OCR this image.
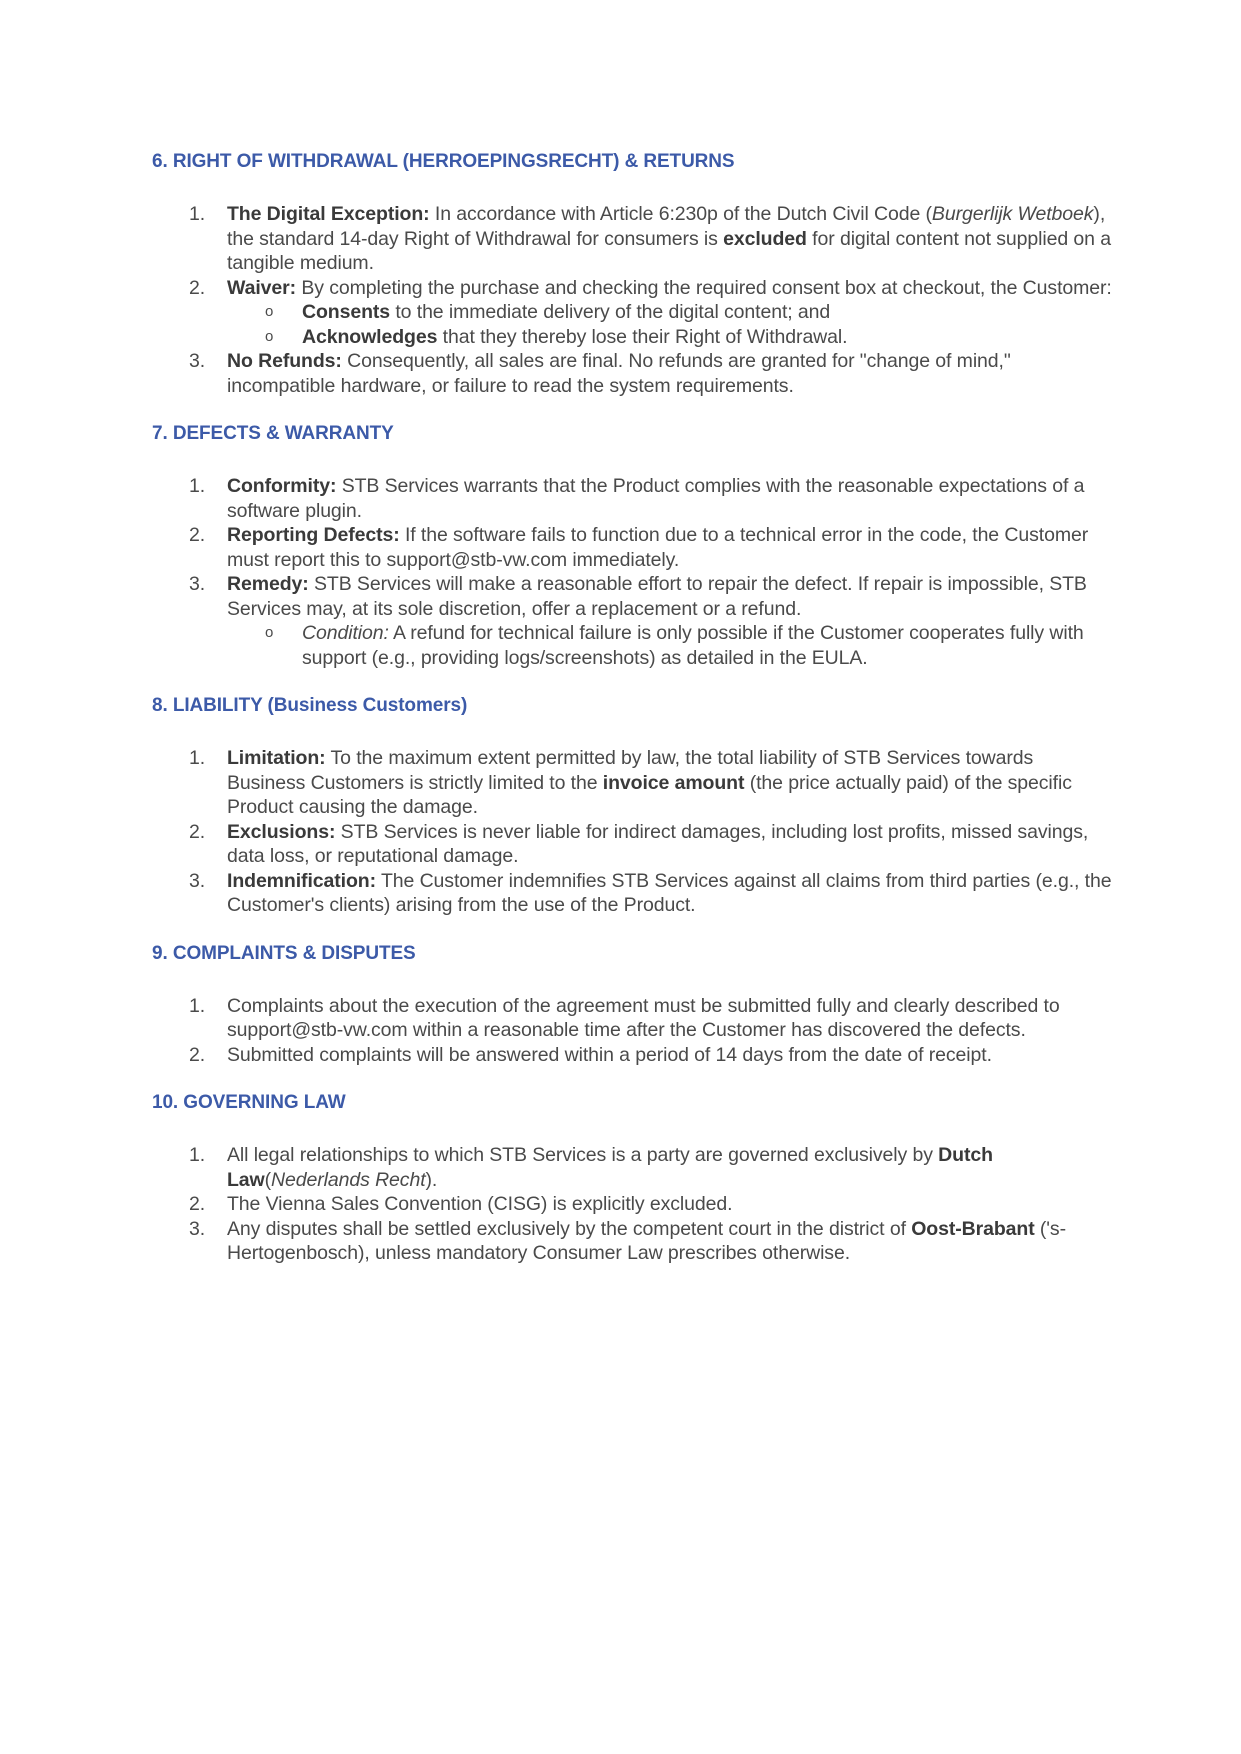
6. RIGHT OF WITHDRAWAL (HERROEPINGSRECHT) & RETURNS
1. The Digital Exception: In accordance with Article 6:230p of the Dutch Civil Code (Burgerlijk Wetboek), the standard 14-day Right of Withdrawal for consumers is excluded for digital content not supplied on a tangible medium.
2. Waiver: By completing the purchase and checking the required consent box at checkout, the Customer:
o Consents to the immediate delivery of the digital content; and
o Acknowledges that they thereby lose their Right of Withdrawal.
3. No Refunds: Consequently, all sales are final. No refunds are granted for "change of mind," incompatible hardware, or failure to read the system requirements.
7. DEFECTS & WARRANTY
1. Conformity: STB Services warrants that the Product complies with the reasonable expectations of a software plugin.
2. Reporting Defects: If the software fails to function due to a technical error in the code, the Customer must report this to support@stb-vw.com immediately.
3. Remedy: STB Services will make a reasonable effort to repair the defect. If repair is impossible, STB Services may, at its sole discretion, offer a replacement or a refund.
o Condition: A refund for technical failure is only possible if the Customer cooperates fully with support (e.g., providing logs/screenshots) as detailed in the EULA.
8. LIABILITY (Business Customers)
1. Limitation: To the maximum extent permitted by law, the total liability of STB Services towards Business Customers is strictly limited to the invoice amount (the price actually paid) of the specific Product causing the damage.
2. Exclusions: STB Services is never liable for indirect damages, including lost profits, missed savings, data loss, or reputational damage.
3. Indemnification: The Customer indemnifies STB Services against all claims from third parties (e.g., the Customer's clients) arising from the use of the Product.
9. COMPLAINTS & DISPUTES
1. Complaints about the execution of the agreement must be submitted fully and clearly described to support@stb-vw.com within a reasonable time after the Customer has discovered the defects.
2. Submitted complaints will be answered within a period of 14 days from the date of receipt.
10. GOVERNING LAW
1. All legal relationships to which STB Services is a party are governed exclusively by Dutch Law(Nederlands Recht).
2. The Vienna Sales Convention (CISG) is explicitly excluded.
3. Any disputes shall be settled exclusively by the competent court in the district of Oost-Brabant ('s-Hertogenbosch), unless mandatory Consumer Law prescribes otherwise.
